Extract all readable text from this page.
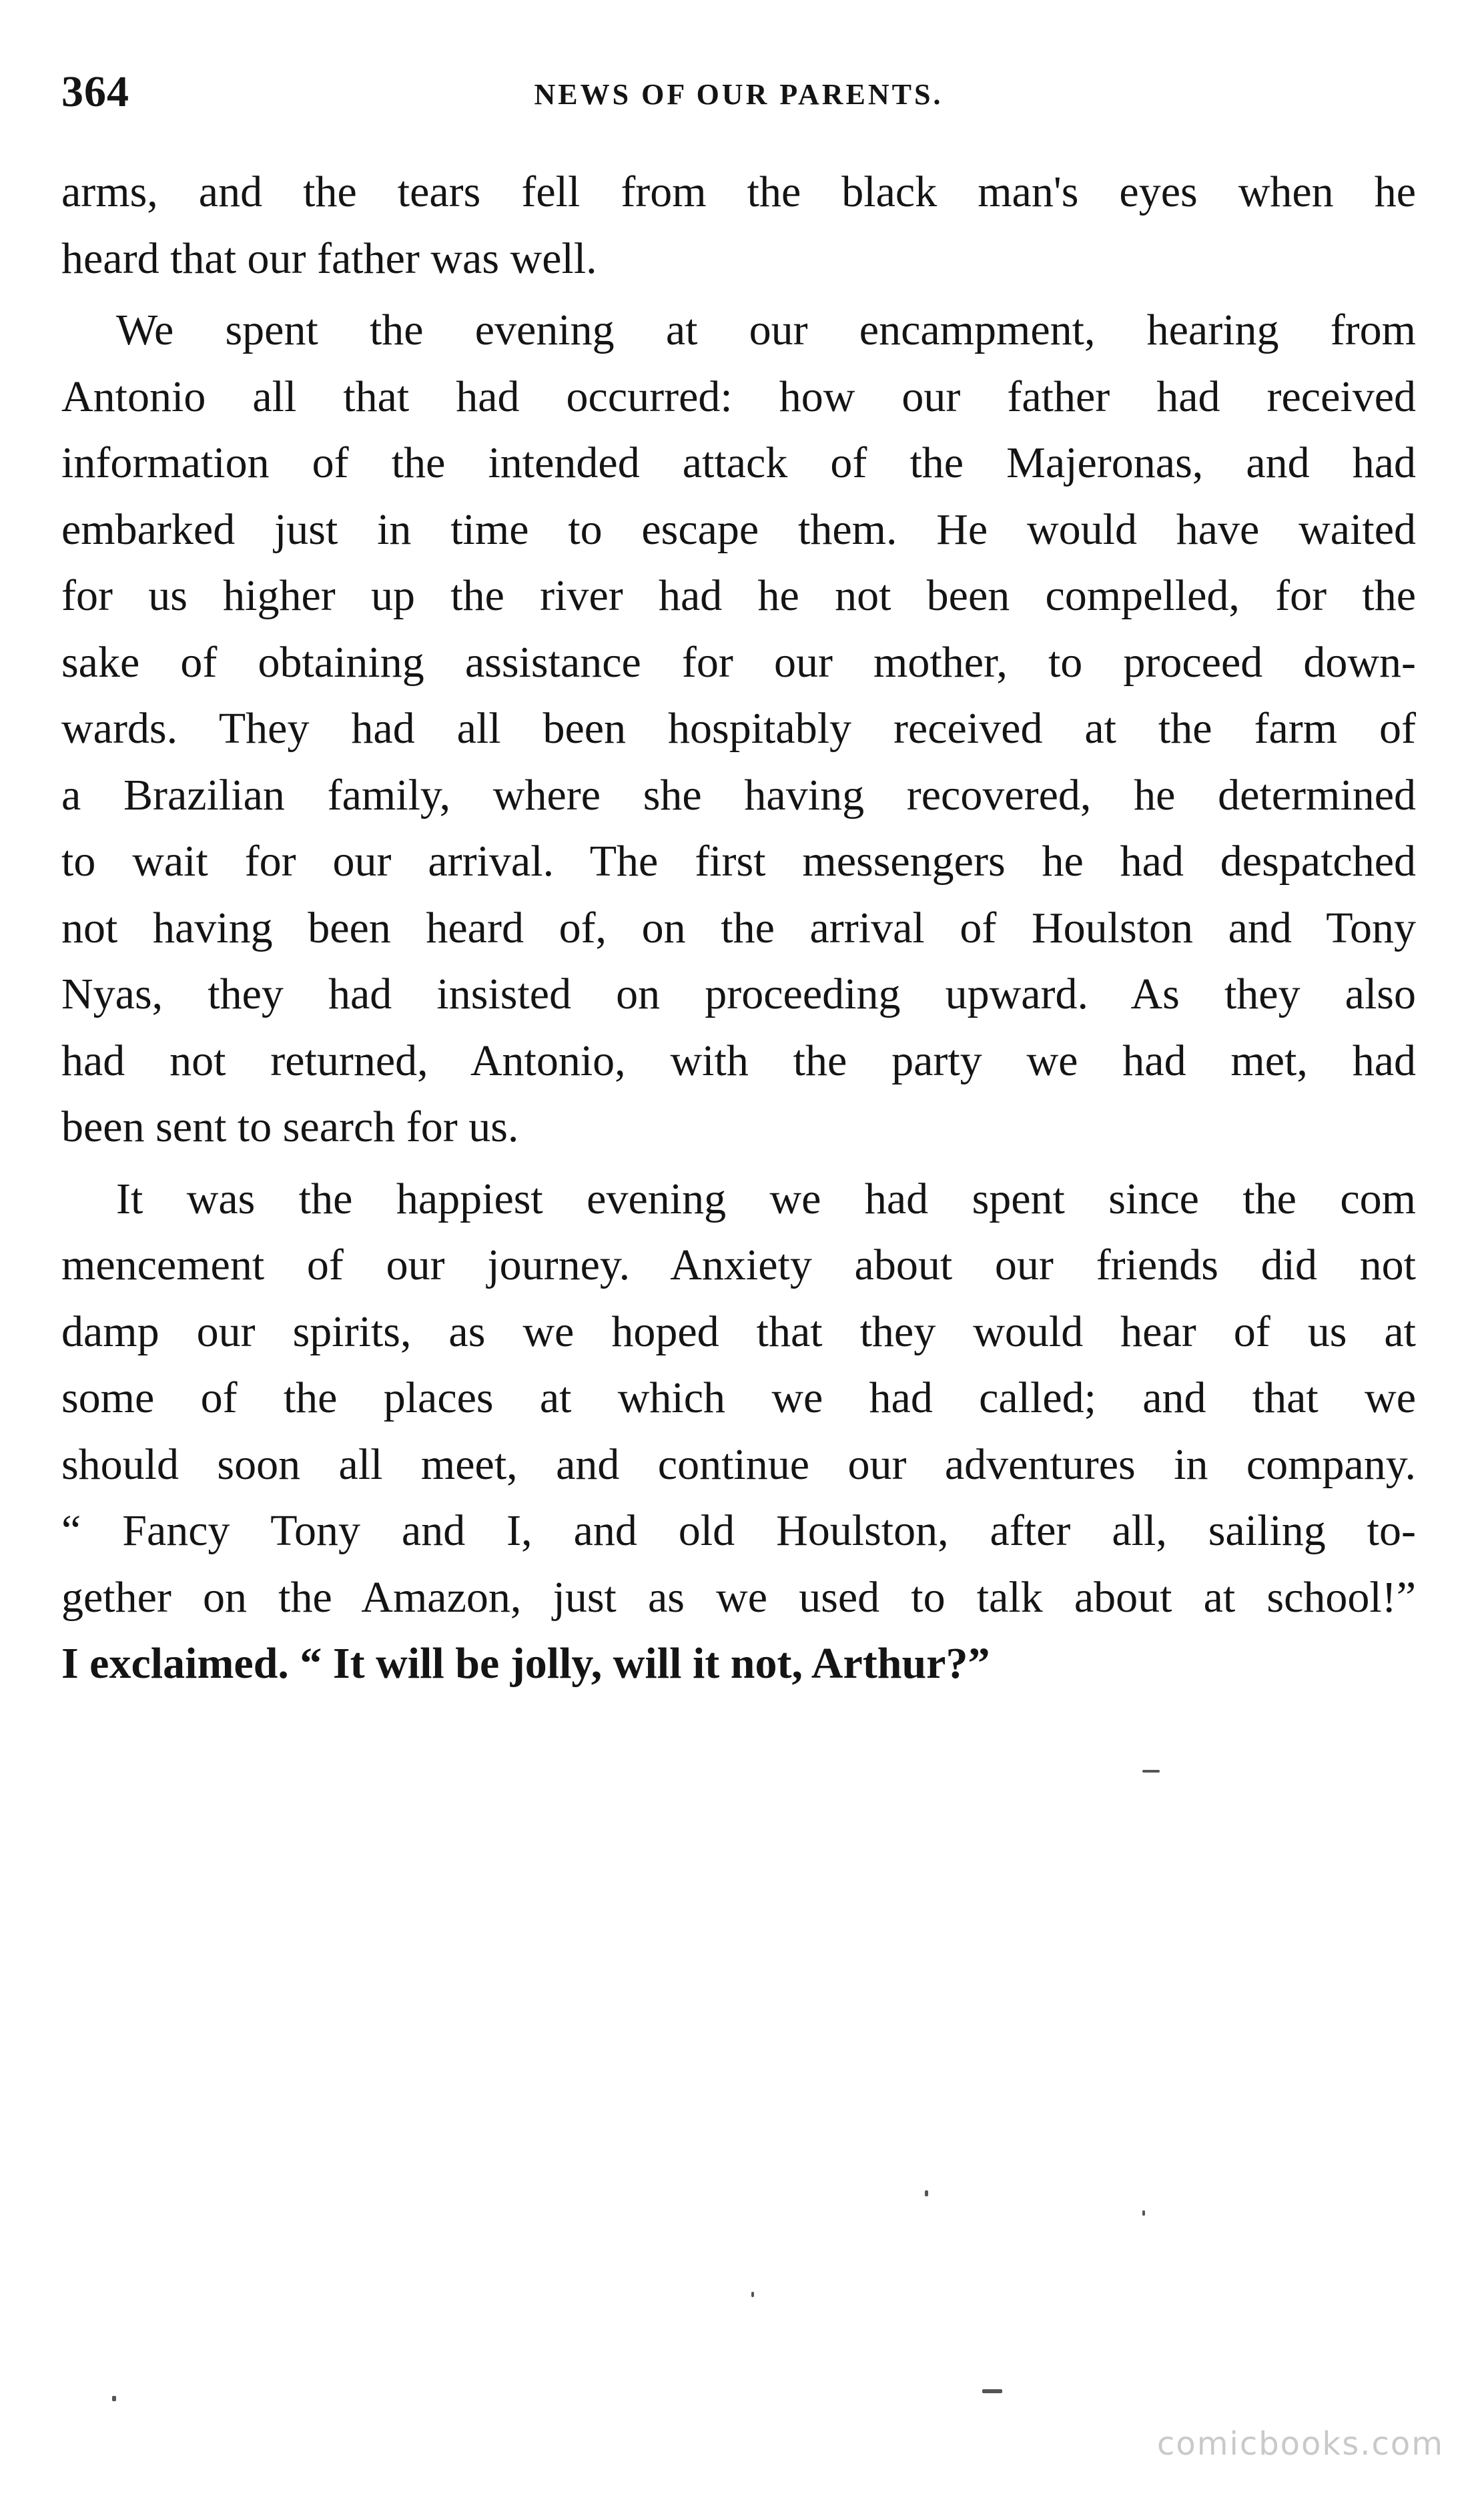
364	NEWS OF OUR PARENTS.
arms, and the tears fell from the black man's eyes when he
heard that our father was well.
We spent the evening at our encampment, hearing from
Antonio all that had occurred: how our father had received
information of the intended attack of the Majeronas, and had
embarked just in time to escape them. He would have waited
for us higher up the river had he not been compelled, for the
sake of obtaining assistance for our mother, to proceed down-
wards. They had all been hospitably received at the farm of
a Brazilian family, where she having recovered, he determined
to wait for our arrival. The first messengers he had despatched
not having been heard of, on the arrival of Houlston and Tony
Nyas, they had insisted on proceeding upward. As they also
had not returned, Antonio, with the party we had met, had
been sent to search for us.
It was the happiest evening we had spent since the com
mencement of our journey. Anxiety about our friends did not
damp our spirits, as we hoped that they would hear of us at
some of the places at which we had called; and that we
should soon all meet, and continue our adventures in company.
“ Fancy Tony and I, and old Houlston, after all, sailing to-
gether on the Amazon, just as we used to talk about at school!”
I exclaimed. “ It will be jolly, will it not, Arthur?”
comicbooks.com
